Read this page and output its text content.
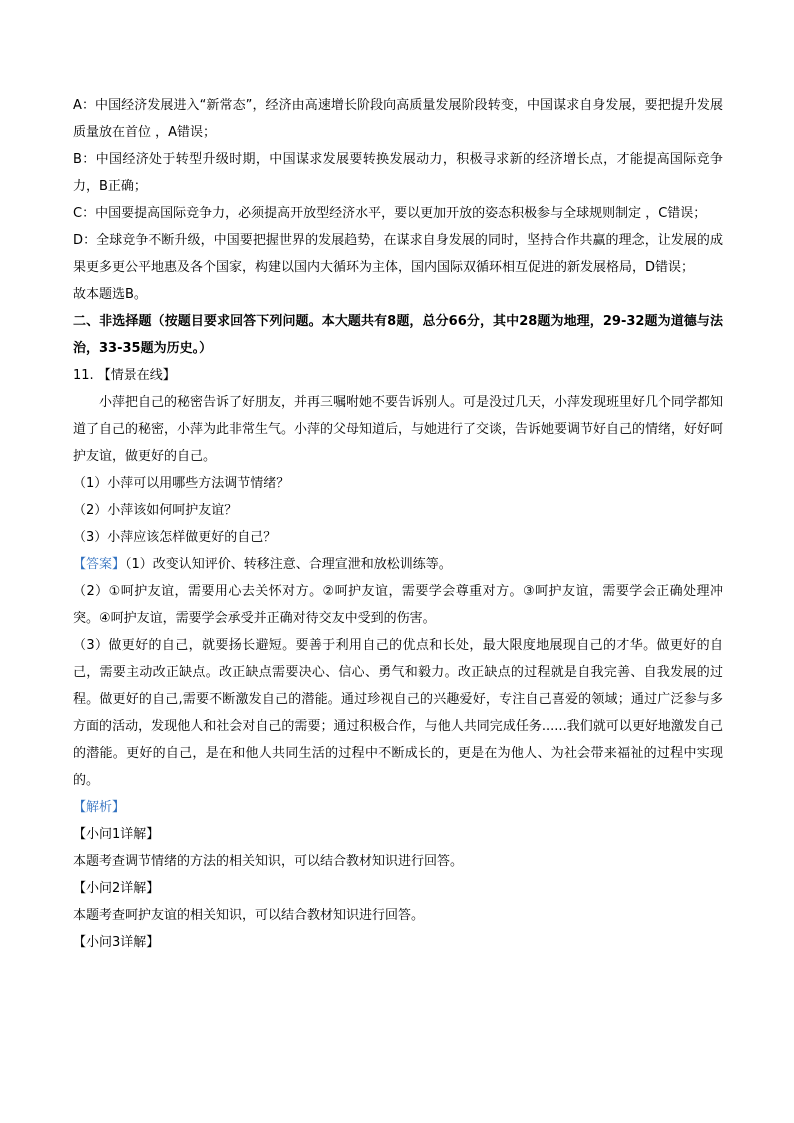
A：中国经济发展进入“新常态”，经济由高速增长阶段向高质量发展阶段转变，中国谋求自身发展，要把提升发展质量放在首位 ，A错误；

B：中国经济处于转型升级时期，中国谋求发展要转换发展动力，积极寻求新的经济增长点，才能提高国际竞争力，B正确；

C：中国要提高国际竞争力，必须提高开放型经济水平，要以更加开放的姿态积极参与全球规则制定 ，C错误；

D：全球竞争不断升级，中国要把握世界的发展趋势，在谋求自身发展的同时，坚持合作共赢的理念，让发展的成果更多更公平地惠及各个国家，构建以国内大循环为主体，国内国际双循环相互促进的新发展格局，D错误；

故本题选B。

二、非选择题（按题目要求回答下列问题。本大题共有8题，总分66分，其中28题为地理，29-32题为道德与法治，33-35题为历史。）

11. 【情景在线】

小萍把自己的秘密告诉了好朋友，并再三嘱咐她不要告诉别人。可是没过几天，小萍发现班里好几个同学都知道了自己的秘密，小萍为此非常生气。小萍的父母知道后，与她进行了交谈，告诉她要调节好自己的情绪，好好呵护友谊，做更好的自己。

（1）小萍可以用哪些方法调节情绪？

（2）小萍该如何呵护友谊？

（3）小萍应该怎样做更好的自己？

【答案】（1）改变认知评价、转移注意、合理宣泄和放松训练等。

（2）①呵护友谊，需要用心去关怀对方。②呵护友谊，需要学会尊重对方。③呵护友谊，需要学会正确处理冲突。④呵护友谊，需要学会承受并正确对待交友中受到的伤害。

（3）做更好的自己，就要扬长避短。要善于利用自己的优点和长处，最大限度地展现自己的才华。做更好的自己，需要主动改正缺点。改正缺点需要决心、信心、勇气和毅力。改正缺点的过程就是自我完善、自我发展的过程。做更好的自己,需要不断激发自己的潜能。通过珍视自己的兴趣爱好，专注自己喜爱的领域；通过广泛参与多方面的活动，发现他人和社会对自己的需要；通过积极合作，与他人共同完成任务......我们就可以更好地激发自己的潜能。更好的自己，是在和他人共同生活的过程中不断成长的，更是在为他人、为社会带来福祉的过程中实现的。

【解析】

【小问1详解】

本题考查调节情绪的方法的相关知识，可以结合教材知识进行回答。

【小问2详解】

本题考查呵护友谊的相关知识，可以结合教材知识进行回答。

【小问3详解】
